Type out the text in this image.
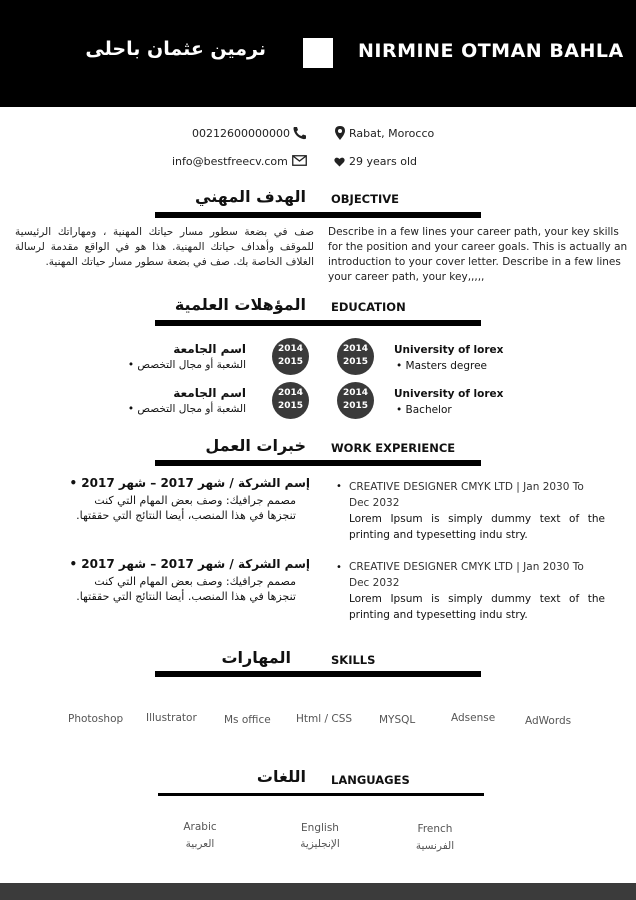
نرمين عثمان باحلى	NIRMINE OTMAN BAHLA
00212600000000	Rabat, Morocco
info@bestfreecv.com	29 years old
الهدف المهني OBJECTIVE
صف في بضعة سطور مسار حياتك المهنية ، ومهاراتك الرئيسية للموقف وأهداف حياتك المهنية. هذا هو في الواقع مقدمة لرسالة الغلاف الخاصة بك. صف في بضعة سطور مسار حياتك المهنية.
Describe in a few lines your career path, your key skills for the position and your career goals. This is actually an introduction to your cover letter. Describe in a few lines your career path, your key,,,,,
المؤهلات العلمية EDUCATION
اسم الجامعة
الشعبة أو مجال التخصص •
2014
2015
2014
2015
University of lorex
• Masters degree
اسم الجامعة
الشعبة أو مجال التخصص •
2014
2015
2014
2015
University of lorex
• Bachelor
خبرات العمل WORK EXPERIENCE
إسم الشركة / شهر 2017 – شهر 2017 •
مصمم جرافيك: وصف بعض المهام التي كنت تنجزها في هذا المنصب، أيضا النتائج التي حققتها.
• CREATIVE DESIGNER CMYK LTD | Jan 2030 To Dec 2032
Lorem Ipsum is simply dummy text of the printing and typesetting indu stry.
إسم الشركة / شهر 2017 – شهر 2017 •
مصمم جرافيك: وصف بعض المهام التي كنت تنجزها في هذا المنصب. أيضا النتائج التي حققتها.
• CREATIVE DESIGNER CMYK LTD | Jan 2030 To Dec 2032
Lorem Ipsum is simply dummy text of the printing and typesetting indu stry.
المهارات	SKILLS
Photoshop Illustrator	Ms office Html / CSS	MYSQL	Adsense	AdWords
اللغات LANGUAGES
Arabic
العربية
English
الإنجليزية
French
الفرنسية
